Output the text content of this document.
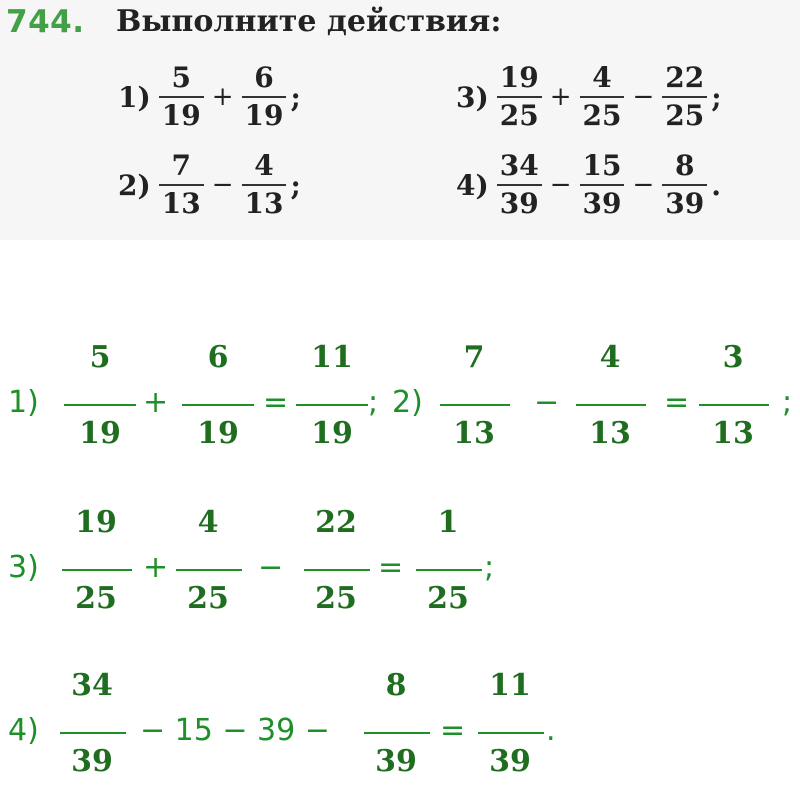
744. Выполните действия:
$1) \frac{5}{19} + \frac{6}{19}$ ;
$2) \frac{7}{13} - \frac{4}{13}$ ;
$3) \frac{19}{25} + \frac{4}{25} - \frac{22}{25}$ ;
$4) \frac{34}{39} - \frac{15}{39} - \frac{8}{39}$ .
1)
5
19
+
6
19
=
11
19
; 2)
7
13
−
4
13
=
3
13
;
3)
19
25
+
4
25
−
22
25
=
1
25
;
4)
34
39
− 15 − 39 −
8
39
=
11
39
.
